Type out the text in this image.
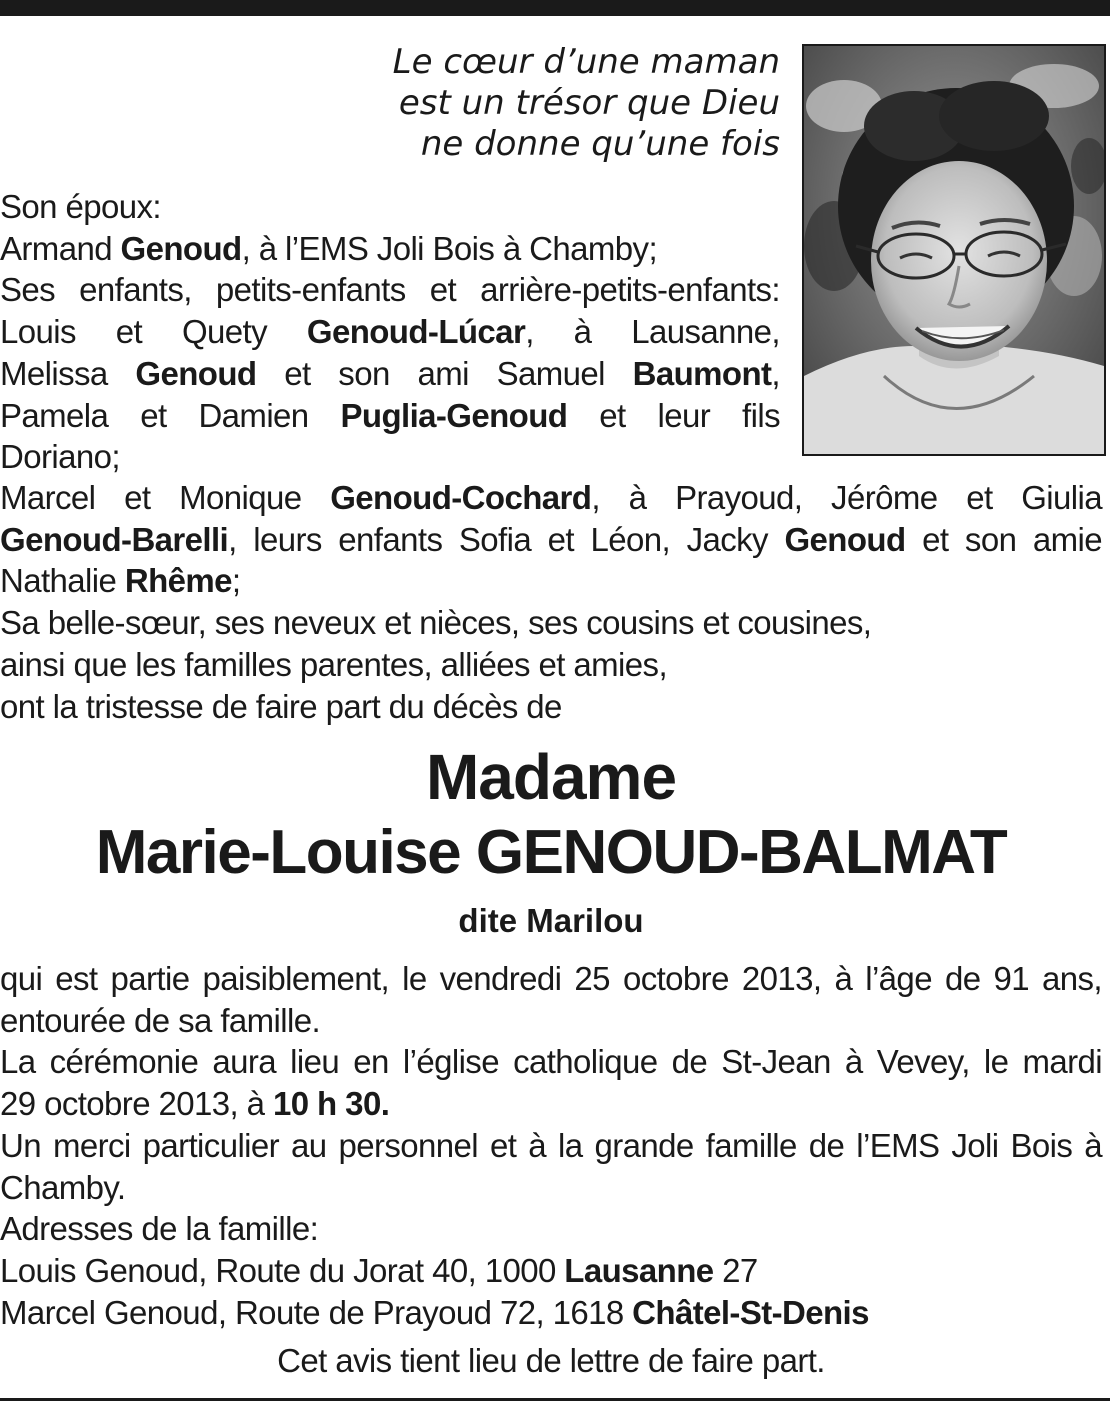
Le cœur d’une maman
est un trésor que Dieu
ne donne qu’une fois
Son époux:
Armand Genoud, à l’EMS Joli Bois à Chamby;
Ses enfants, petits-enfants et arrière-petits-enfants:
Louis et Quety Genoud-Lúcar, à Lausanne,
Melissa Genoud et son ami Samuel Baumont,
Pamela et Damien Puglia-Genoud et leur fils
Doriano;
Marcel et Monique Genoud-Cochard, à Prayoud, Jérôme et Giulia
Genoud-Barelli, leurs enfants Sofia et Léon, Jacky Genoud et son amie
Nathalie Rhême;
Sa belle-sœur, ses neveux et nièces, ses cousins et cousines,
ainsi que les familles parentes, alliées et amies,
ont la tristesse de faire part du décès de
Madame
Marie-Louise GENOUD-BALMAT
dite Marilou
qui est partie paisiblement, le vendredi 25 octobre 2013, à l’âge de 91 ans,
entourée de sa famille.
La cérémonie aura lieu en l’église catholique de St-Jean à Vevey, le mardi
29 octobre 2013, à 10 h 30.
Un merci particulier au personnel et à la grande famille de l’EMS Joli Bois à
Chamby.
Adresses de la famille:
Louis Genoud, Route du Jorat 40, 1000 Lausanne 27
Marcel Genoud, Route de Prayoud 72, 1618 Châtel-St-Denis
Cet avis tient lieu de lettre de faire part.
